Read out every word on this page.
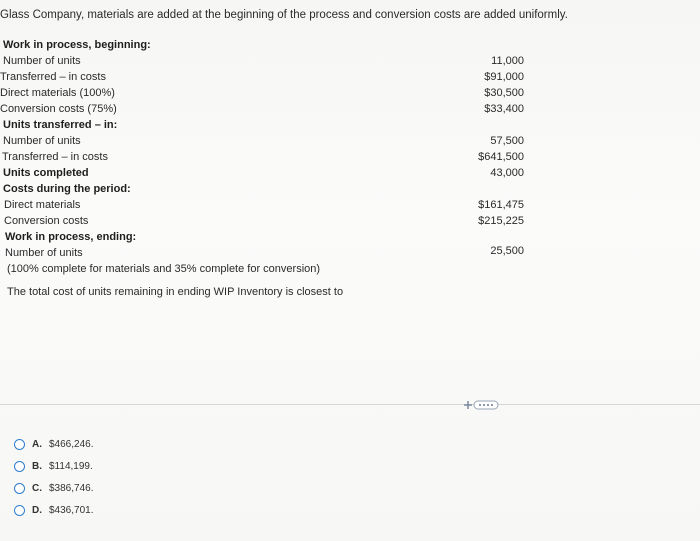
Glass Company, materials are added at the beginning of the process and conversion costs are added uniformly.
Work in process, beginning:
Number of units	11,000
Transferred – in costs	$91,000
Direct materials (100%)	$30,500
Conversion costs (75%)	$33,400
Units transferred – in:
Number of units	57,500
Transferred – in costs	$641,500
Units completed	43,000
Costs during the period:
Direct materials	$161,475
Conversion costs	$215,225
Work in process, ending:
Number of units	25,500
(100% complete for materials and 35% complete for conversion)
The total cost of units remaining in ending WIP Inventory is closest to
A. $466,246.
B. $114,199.
C. $386,746.
D. $436,701.
